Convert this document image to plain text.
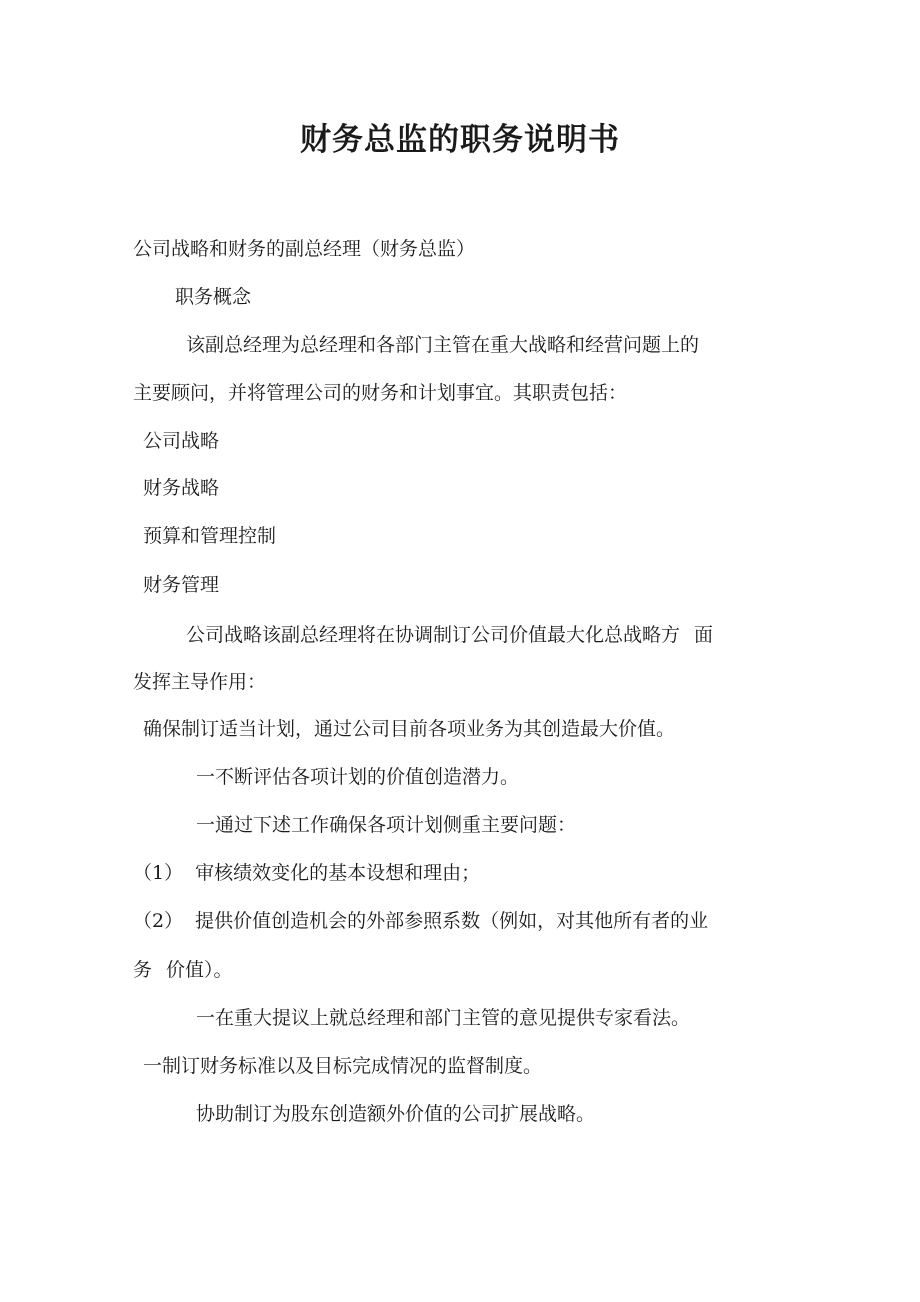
财务总监的职务说明书
公司战略和财务的副总经理（财务总监）
职务概念
该副总经理为总经理和各部门主管在重大战略和经营问题上的
主要顾问，并将管理公司的财务和计划事宜。其职责包括：
公司战略
财务战略
预算和管理控制
财务管理
公司战略该副总经理将在协调制订公司价值最大化总战略方 面
发挥主导作用：
确保制订适当计划，通过公司目前各项业务为其创造最大价值。
一不断评估各项计划的价值创造潜力。
一通过下述工作确保各项计划侧重主要问题：
（1） 审核绩效变化的基本设想和理由；
（2） 提供价值创造机会的外部参照系数（例如，对其他所有者的业
务 价值）。
一在重大提议上就总经理和部门主管的意见提供专家看法。
一制订财务标准以及目标完成情况的监督制度。
协助制订为股东创造额外价值的公司扩展战略。
